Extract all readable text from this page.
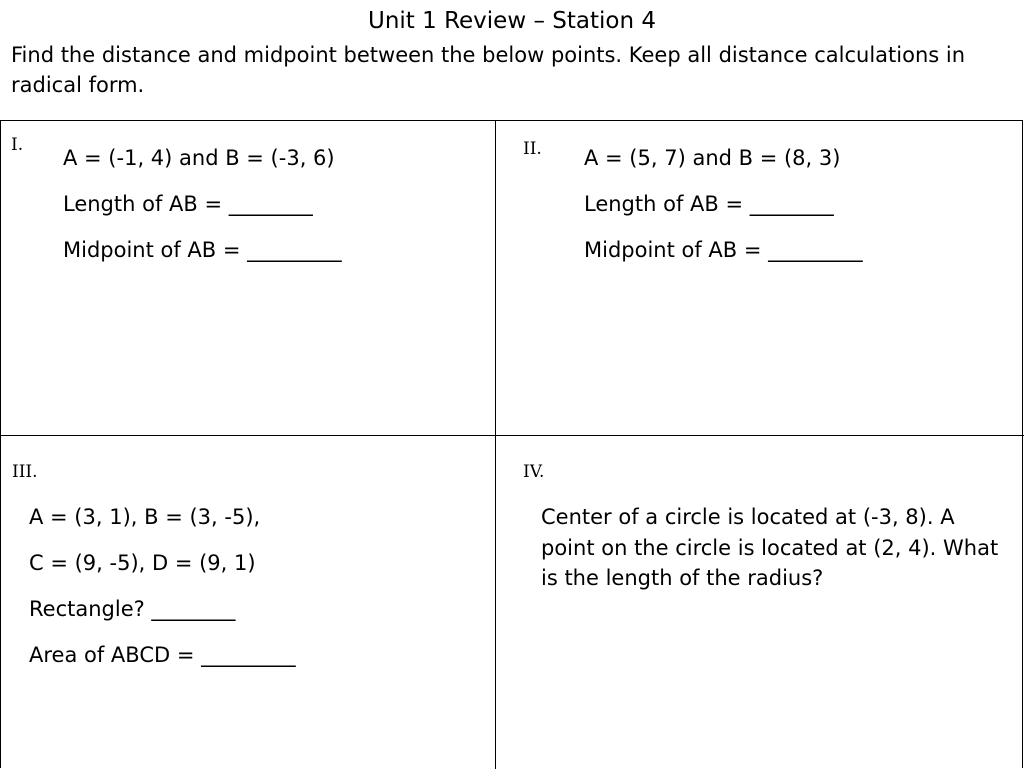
Unit 1 Review – Station 4
Find the distance and midpoint between the below points. Keep all distance calculations in radical form.
I.
A = (-1, 4) and B = (-3, 6)
Length of AB = ________
Midpoint of AB = _________
II. A = (5, 7) and B = (8, 3)
Length of AB = ________
Midpoint of AB = _________
III.
A = (3, 1), B = (3, -5),
C = (9, -5), D = (9, 1)
Rectangle? ________
Area of ABCD = _________
IV.
Center of a circle is located at (-3, 8). A point on the circle is located at (2, 4). What is the length of the radius?
